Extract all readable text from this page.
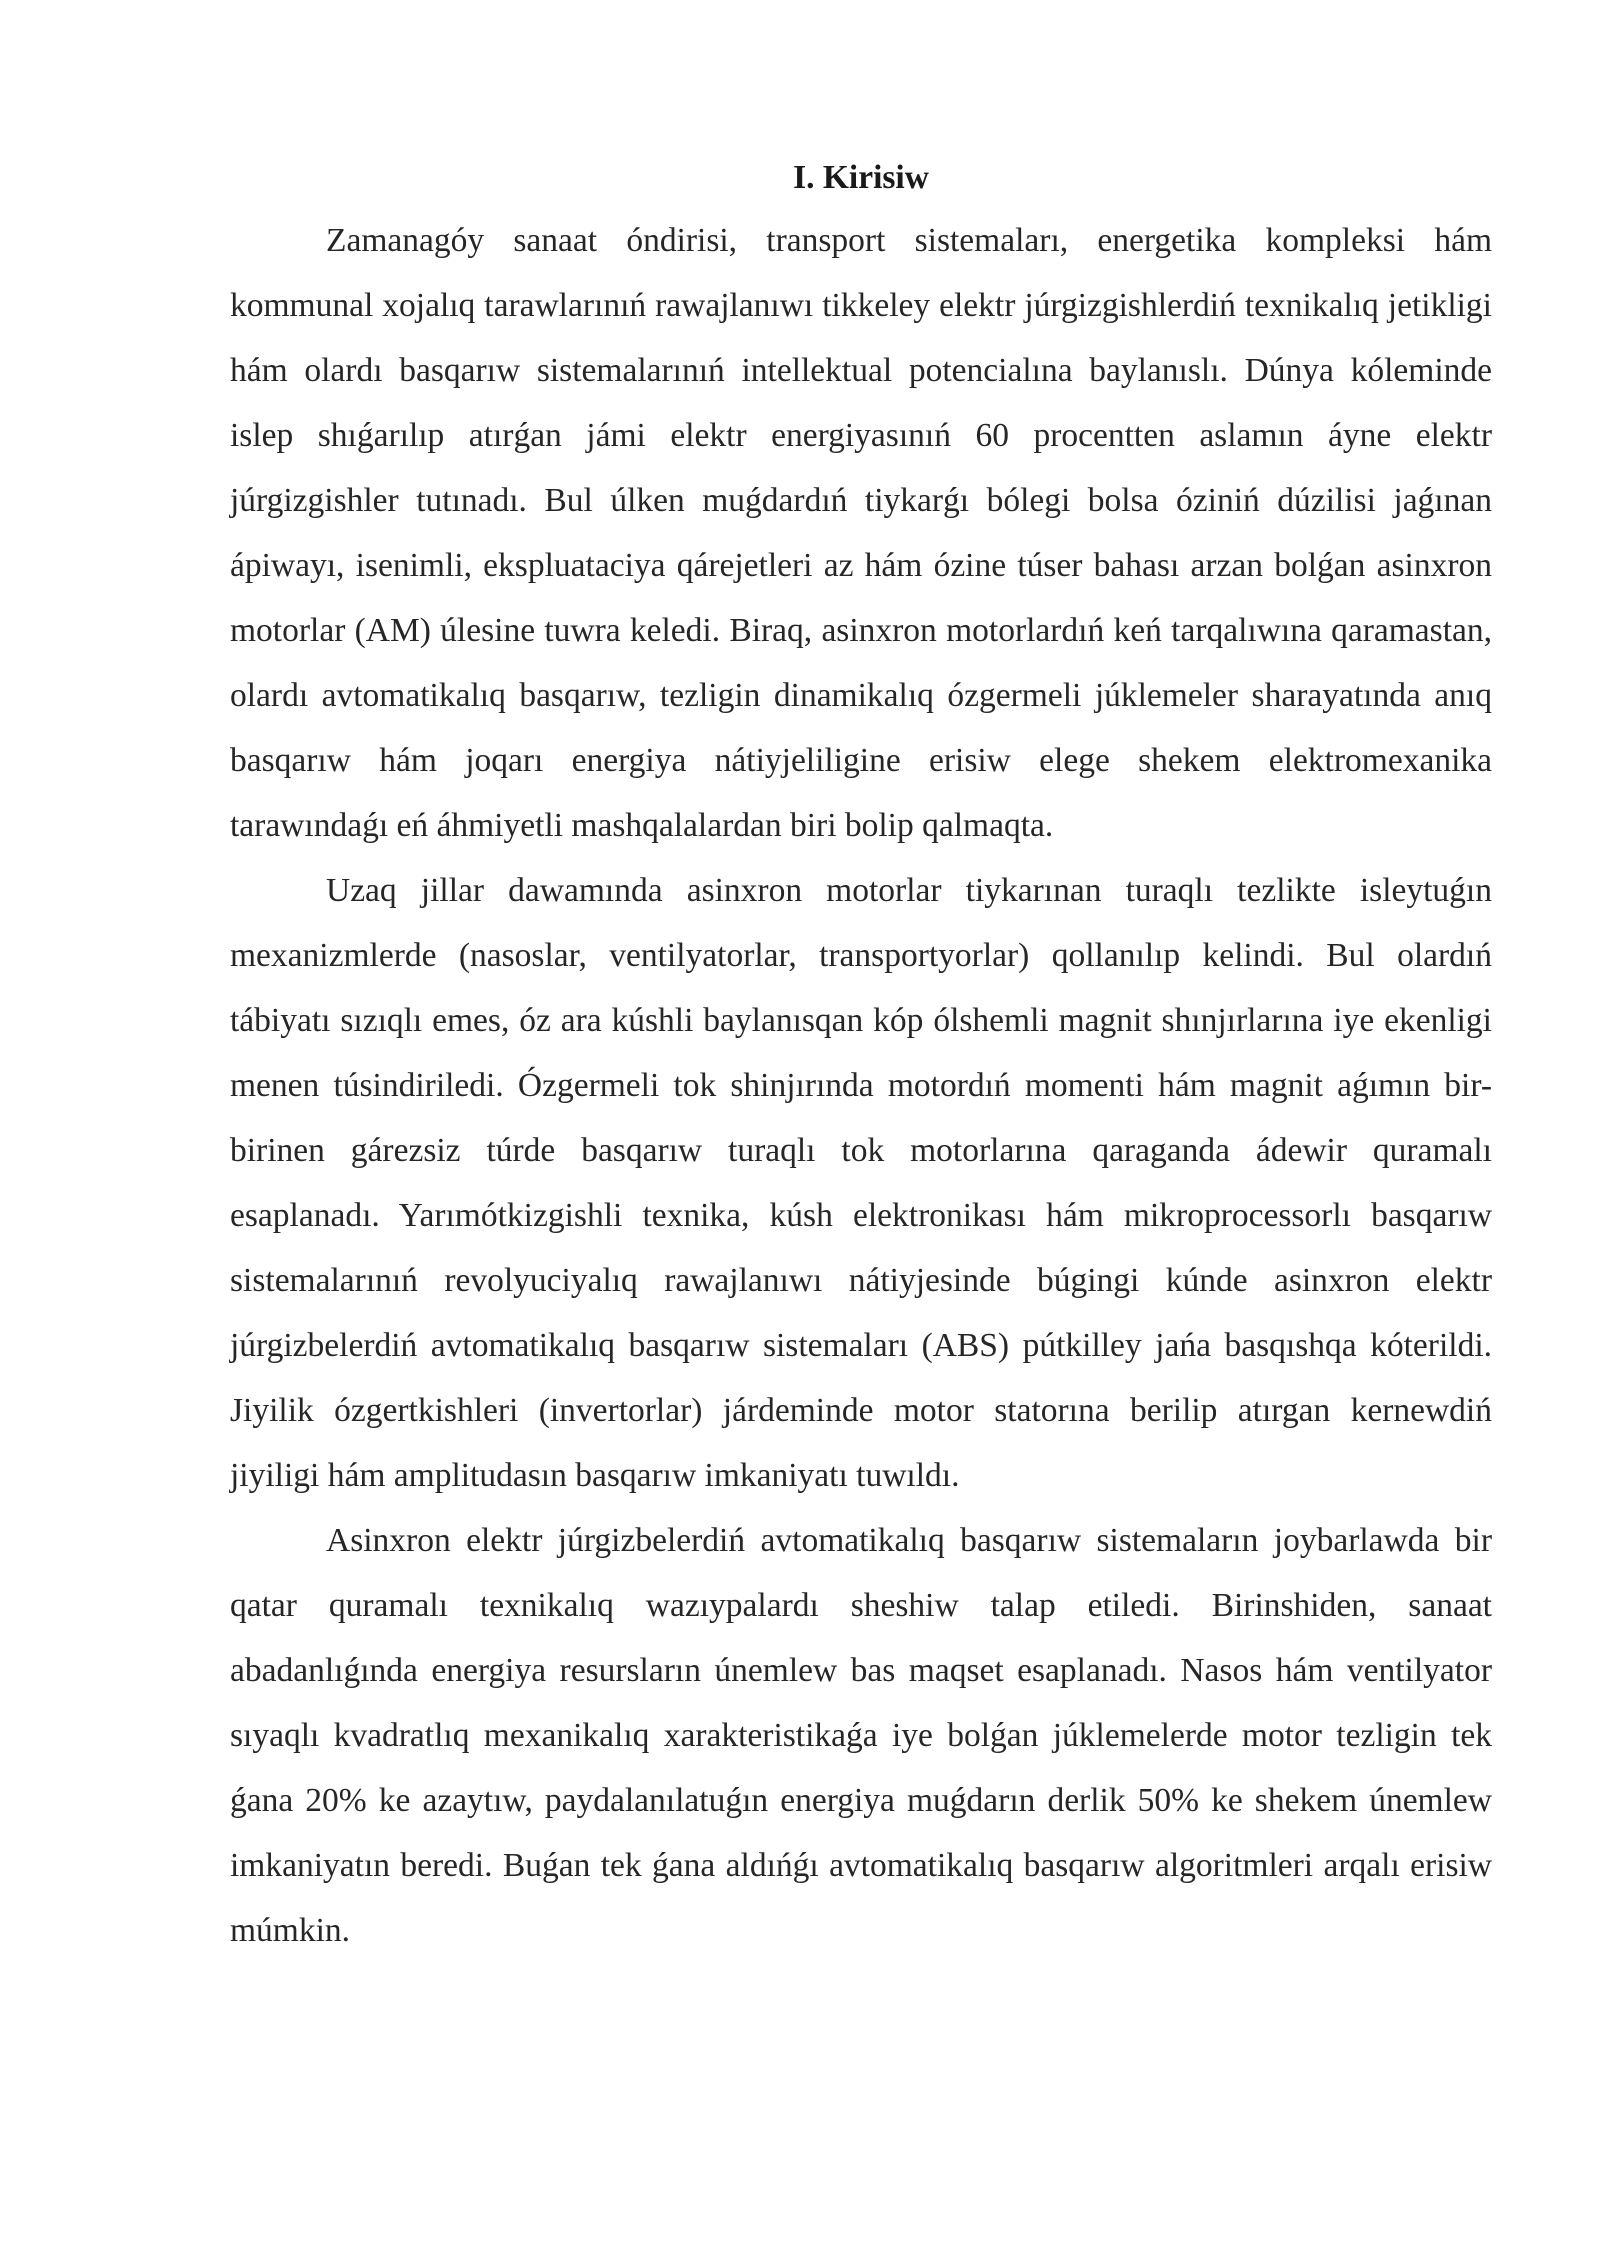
I. Kirisiw

Zamanagóy sanaat óndirisi, transport sistemaları, energetika kompleksi hám kommunal xojalıq tarawlarınıń rawajlanıwı tikkeley elektr júrgizgishlerdiń texnikalıq jetikligi hám olardı basqarıw sistemalarınıń intellektual potencialına baylanıslı. Dúnya kóleminde islep shıǵarılıp atırǵan jámi elektr energiyasınıń 60 procentten aslamın áyne elektr júrgizgishler tutınadı. Bul úlken muǵdardıń tiykarǵı bólegi bolsa óziniń dúzilisi jaǵınan ápiwayı, isenimli, ekspluataciya qárejetleri az hám ózine túser bahası arzan bolǵan asinxron motorlar (AM) úlesine tuwra keledi. Biraq, asinxron motorlardıń keń tarqalıwına qaramastan, olardı avtomatikalıq basqarıw, tezligin dinamikalıq ózgermeli júklemeler sharayatında anıq basqarıw hám joqarı energiya nátiyjeliligine erisiw elege shekem elektromexanika tarawındaǵı eń áhmiyetli mashqalalardan biri bolip qalmaqta.

Uzaq jillar dawamında asinxron motorlar tiykarınan turaqlı tezlikte isleytuǵın mexanizmlerde (nasoslar, ventilyatorlar, transportyorlar) qollanılıp kelindi. Bul olardıń tábiyatı sızıqlı emes, óz ara kúshli baylanısqan kóp ólshemli magnit shınjırlarına iye ekenligi menen túsindiriledi. Ózgermeli tok shinjırında motordıń momenti hám magnit aǵımın bir-birinen gárezsiz túrde basqarıw turaqlı tok motorlarına qaraganda ádewir quramalı esaplanadı. Yarımótkizgishli texnika, kúsh elektronikası hám mikroprocessorlı basqarıw sistemalarınıń revolyuciyalıq rawajlanıwı nátiyjesinde búgingi kúnde asinxron elektr júrgizbelerdiń avtomatikalıq basqarıw sistemaları (ABS) pútkilley jańa basqıshqa kóterildi. Jiyilik ózgertkishleri (invertorlar) járdeminde motor statorına berilip atırgan kernewdiń jiyiligi hám amplitudasın basqarıw imkaniyatı tuwıldı.

Asinxron elektr júrgizbelerdiń avtomatikalıq basqarıw sistemaların joybarlawda bir qatar quramalı texnikalıq wazıypalardı sheshiw talap etiledi. Birinshiden, sanaat abadanlıǵında energiya resursların únemlew bas maqset esaplanadı. Nasos hám ventilyator sıyaqlı kvadratlıq mexanikalıq xarakteristikaǵa iye bolǵan júklemelerde motor tezligin tek ǵana 20% ke azaytıw, paydalanılatuǵın energiya muǵdarın derlik 50% ke shekem únemlew imkaniyatın beredi. Buǵan tek ǵana aldıńǵı avtomatikalıq basqarıw algoritmleri arqalı erisiw múmkin.
